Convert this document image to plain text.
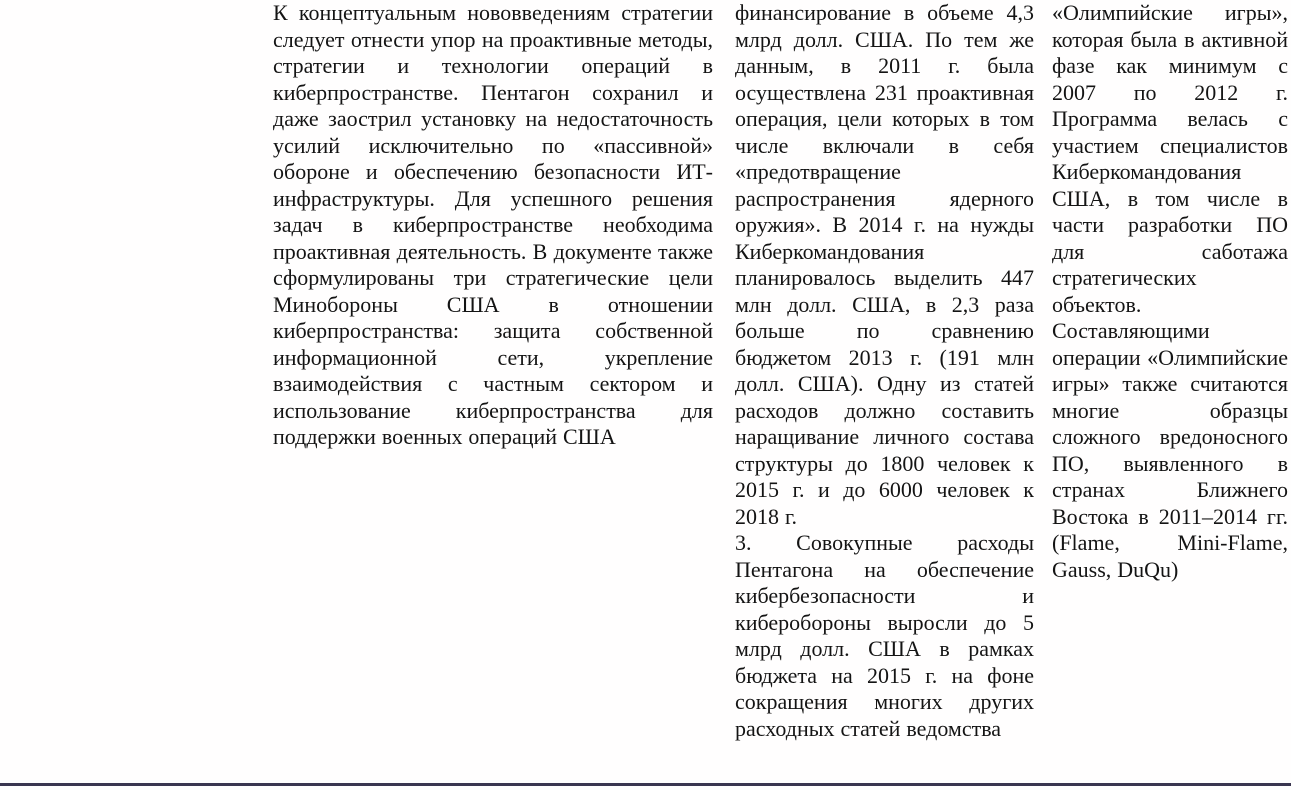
К концептуальным нововведениям стратегии следует отнести упор на проактивные методы, стратегии и технологии операций в киберпространстве. Пентагон сохранил и даже заострил установку на недостаточность усилий исключительно по «пассивной» обороне и обеспечению безопасности ИТ-инфраструктуры. Для успешного решения задач в киберпространстве необходима проактивная деятельность. В документе также сформулированы три стратегические цели Минобороны США в отношении киберпространства: защита собственной информационной сети, укрепление взаимодействия с частным сектором и использование киберпространства для поддержки военных операций США

финансирование в объеме 4,3 млрд долл. США. По тем же данным, в 2011 г. была осуществлена 231 проактивная операция, цели которых в том числе включали в себя «предотвращение распространения ядерного оружия». В 2014 г. на нужды Киберкомандования планировалось выделить 447 млн долл. США, в 2,3 раза больше по сравнению бюджетом 2013 г. (191 млн долл. США). Одну из статей расходов должно составить наращивание личного состава структуры до 1800 человек к 2015 г. и до 6000 человек к 2018 г.

3. Совокупные расходы Пентагона на обеспечение кибербезопасности и киберобороны выросли до 5 млрд долл. США в рамках бюджета на 2015 г. на фоне сокращения многих других расходных статей ведомства

«Олимпийские игры», которая была в активной фазе как минимум с 2007 по 2012 г. Программа велась с участием специалистов Киберкомандования США, в том числе в части разработки ПО для саботажа стратегических объектов. Составляющими операции «Олимпийские игры» также считаются многие образцы сложного вредоносного ПО, выявленного в странах Ближнего Востока в 2011–2014 гг. (Flame, Mini-Flame, Gauss, DuQu)
